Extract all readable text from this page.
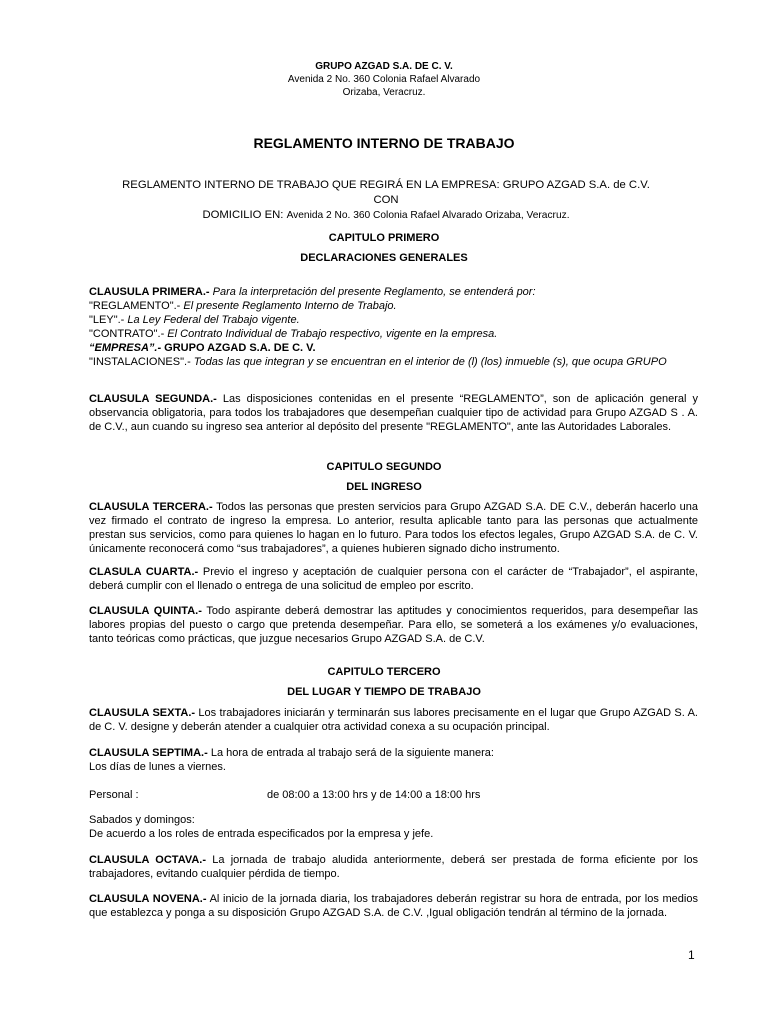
GRUPO AZGAD S.A. DE C. V.
Avenida 2 No. 360 Colonia Rafael Alvarado
Orizaba, Veracruz.
REGLAMENTO INTERNO DE TRABAJO
REGLAMENTO INTERNO DE TRABAJO QUE REGIRÁ EN LA EMPRESA: GRUPO AZGAD S.A. de C.V. CON
DOMICILIO EN: Avenida 2 No. 360 Colonia Rafael Alvarado Orizaba, Veracruz.
CAPITULO PRIMERO
DECLARACIONES GENERALES
CLAUSULA PRIMERA.- Para la interpretación del presente Reglamento, se entenderá por:
"REGLAMENTO".- El presente Reglamento Interno de Trabajo.
"LEY".- La Ley Federal del Trabajo vigente.
"CONTRATO".- El Contrato Individual de Trabajo respectivo, vigente en la empresa.
“EMPRESA”.- GRUPO AZGAD S.A. DE C. V.
"INSTALACIONES".- Todas las que integran y se encuentran en el interior de (l) (los) inmueble (s), que ocupa GRUPO
CLAUSULA SEGUNDA.- Las disposiciones contenidas en el presente “REGLAMENTO”, son de aplicación general y observancia obligatoria, para todos los trabajadores que desempeñan cualquier tipo de actividad para Grupo AZGAD S . A. de C.V., aun cuando su ingreso sea anterior al depósito del presente "REGLAMENTO", ante las Autoridades Laborales.
CAPITULO SEGUNDO
DEL INGRESO
CLAUSULA TERCERA.- Todos las personas que presten servicios para Grupo AZGAD S.A. DE C.V., deberán hacerlo una vez firmado el contrato de ingreso la empresa. Lo anterior, resulta aplicable tanto para las personas que actualmente prestan sus servicios, como para quienes lo hagan en lo futuro. Para todos los efectos legales, Grupo AZGAD S.A. de C. V. únicamente reconocerá como “sus trabajadores”, a quienes hubieren signado dicho instrumento.
CLASULA CUARTA.- Previo el ingreso y aceptación de cualquier persona con el carácter de “Trabajador”, el aspirante, deberá cumplir con el llenado o entrega de una solicitud de empleo por escrito.
CLAUSULA QUINTA.- Todo aspirante deberá demostrar las aptitudes y conocimientos requeridos, para desempeñar las labores propias del puesto o cargo que pretenda desempeñar. Para ello, se someterá a los exámenes y/o evaluaciones, tanto teóricas como prácticas, que juzgue necesarios Grupo AZGAD S.A. de C.V.
CAPITULO TERCERO
DEL LUGAR Y TIEMPO DE TRABAJO
CLAUSULA SEXTA.- Los trabajadores iniciarán y terminarán sus labores precisamente en el lugar que Grupo AZGAD S. A. de C. V. designe y deberán atender a cualquier otra actividad conexa a su ocupación principal.
CLAUSULA SEPTIMA.- La hora de entrada al trabajo será de la siguiente manera:
Los días de lunes a viernes.
Personal :	de 08:00 a 13:00 hrs y de 14:00 a 18:00 hrs
Sabados y domingos:
De acuerdo a los roles de entrada especificados por la empresa y jefe.
CLAUSULA OCTAVA.- La jornada de trabajo aludida anteriormente, deberá ser prestada de forma eficiente por los trabajadores, evitando cualquier pérdida de tiempo.
CLAUSULA NOVENA.- Al inicio de la jornada diaria, los trabajadores deberán registrar su hora de entrada, por los medios que establezca y ponga a su disposición Grupo AZGAD S.A. de C.V. ,Igual obligación tendrán al término de la jornada.
1
